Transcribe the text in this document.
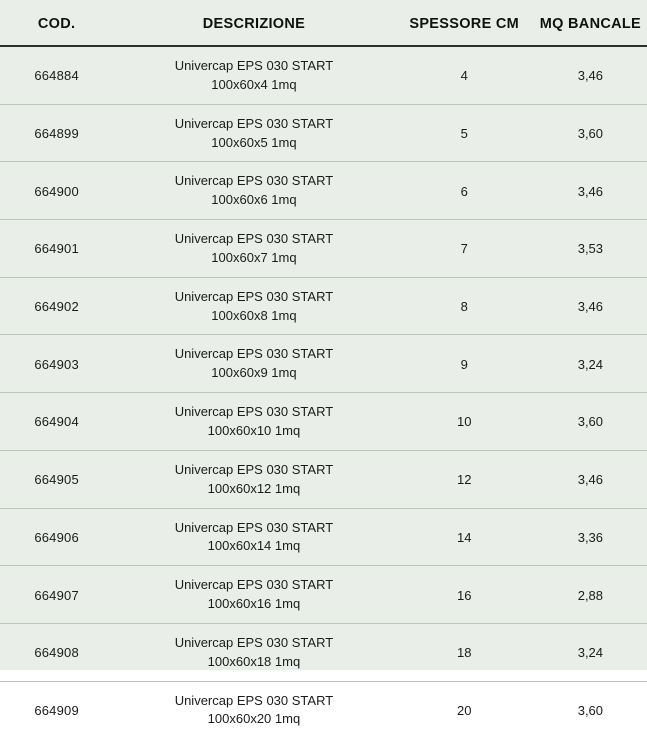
COD.	DESCRIZIONE	SPESSORE CM	MQ BANCALE
664884	Univercap EPS 030 START
100x60x4 1mq	4	3,46
664899	Univercap EPS 030 START
100x60x5 1mq	5	3,60
664900	Univercap EPS 030 START
100x60x6 1mq	6	3,46
664901	Univercap EPS 030 START
100x60x7 1mq	7	3,53
664902	Univercap EPS 030 START
100x60x8 1mq	8	3,46
664903	Univercap EPS 030 START
100x60x9 1mq	9	3,24
664904	Univercap EPS 030 START
100x60x10 1mq	10	3,60
664905	Univercap EPS 030 START
100x60x12 1mq	12	3,46
664906	Univercap EPS 030 START
100x60x14 1mq	14	3,36
664907	Univercap EPS 030 START
100x60x16 1mq	16	2,88
664908	Univercap EPS 030 START
100x60x18 1mq	18	3,24
664909	Univercap EPS 030 START
100x60x20 1mq	20	3,60
